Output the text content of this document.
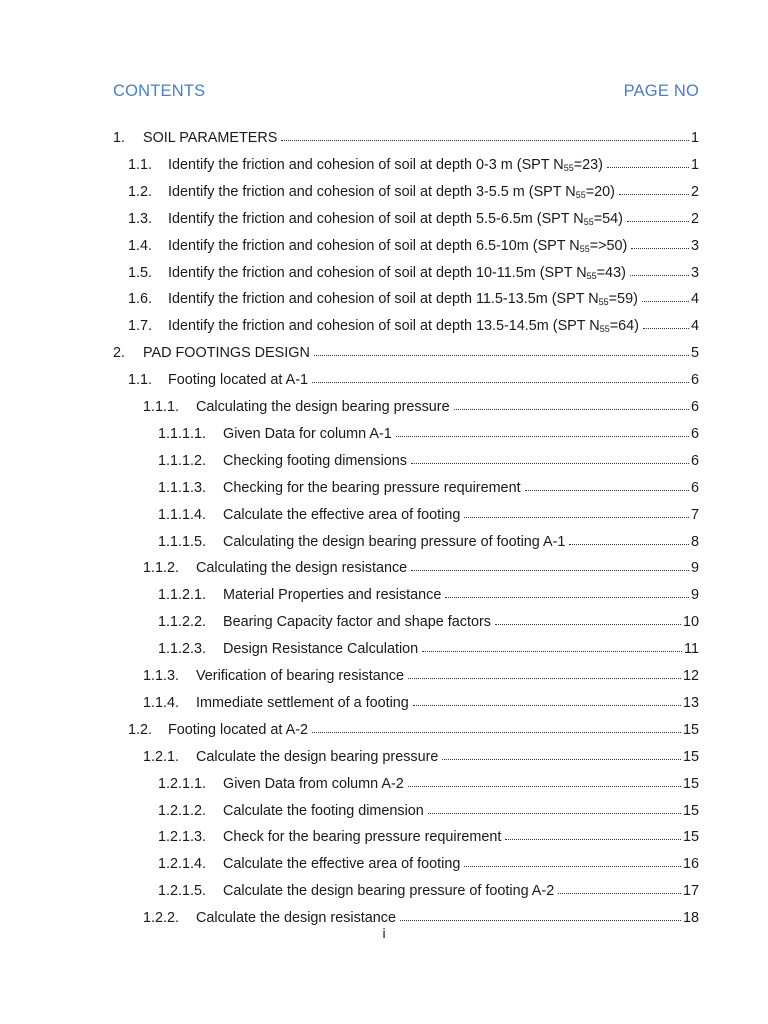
CONTENTS	PAGE NO
1.	SOIL PARAMETERS	1
1.1.	Identify the friction and cohesion of soil at depth 0-3 m (SPT $N_{55}=23$)	1
1.2.	Identify the friction and cohesion of soil at depth 3-5.5 m (SPT $N_{55}=20$)	2
1.3.	Identify the friction and cohesion of soil at depth 5.5-6.5m (SPT $N_{55}=54$)	2
1.4.	Identify the friction and cohesion of soil at depth 6.5-10m (SPT $N_{55}=>50$)	3
1.5.	Identify the friction and cohesion of soil at depth 10-11.5m (SPT $N_{55}=43$)	3
1.6.	Identify the friction and cohesion of soil at depth 11.5-13.5m (SPT $N_{55}=59$)	4
1.7.	Identify the friction and cohesion of soil at depth 13.5-14.5m (SPT $N_{55}=64$)	4
2.	PAD FOOTINGS DESIGN	5
1.1.	Footing located at A-1	6
1.1.1.	Calculating the design bearing pressure	6
1.1.1.1.	Given Data for column A-1	6
1.1.1.2.	Checking footing dimensions	6
1.1.1.3.	Checking for the bearing pressure requirement	6
1.1.1.4.	Calculate the effective area of footing	7
1.1.1.5.	Calculating the design bearing pressure of footing A-1	8
1.1.2.	Calculating the design resistance	9
1.1.2.1.	Material Properties and resistance	9
1.1.2.2.	Bearing Capacity factor and shape factors	10
1.1.2.3.	Design Resistance Calculation	11
1.1.3.	Verification of bearing resistance	12
1.1.4.	Immediate settlement of a footing	13
1.2.	Footing located at A-2	15
1.2.1.	Calculate the design bearing pressure	15
1.2.1.1.	Given Data from column A-2	15
1.2.1.2.	Calculate the footing dimension	15
1.2.1.3.	Check for the bearing pressure requirement	15
1.2.1.4.	Calculate the effective area of footing	16
1.2.1.5.	Calculate the design bearing pressure of footing A-2	17
1.2.2.	Calculate the design resistance	18
i
